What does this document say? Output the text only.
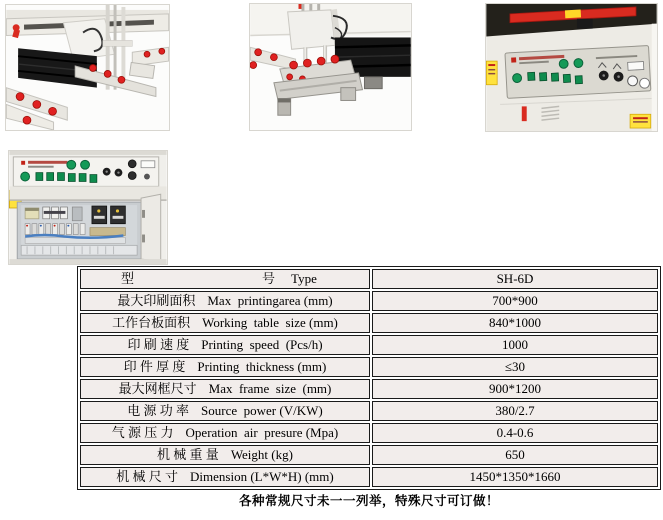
型 号 Type	SH-6D
最大印刷面积 Max  printingarea (mm)	700*900
工作台板面积 Working  table  size (mm)	840*1000
印 刷 速 度 Printing  speed  (Pcs/h)	1000
印 件 厚 度 Printing  thickness (mm)	≤30
最大网框尺寸 Max  frame  size  (mm)	900*1200
电 源 功 率 Source  power (V/KW)	380/2.7
气 源 压 力 Operation  air  presure (Mpa)	0.4-0.6
机 械 重 量 Weight (kg)	650
机 械 尺 寸 Dimension (L*W*H) (mm)	1450*1350*1660
各种常规尺寸未一一列举，特殊尺寸可订做！
